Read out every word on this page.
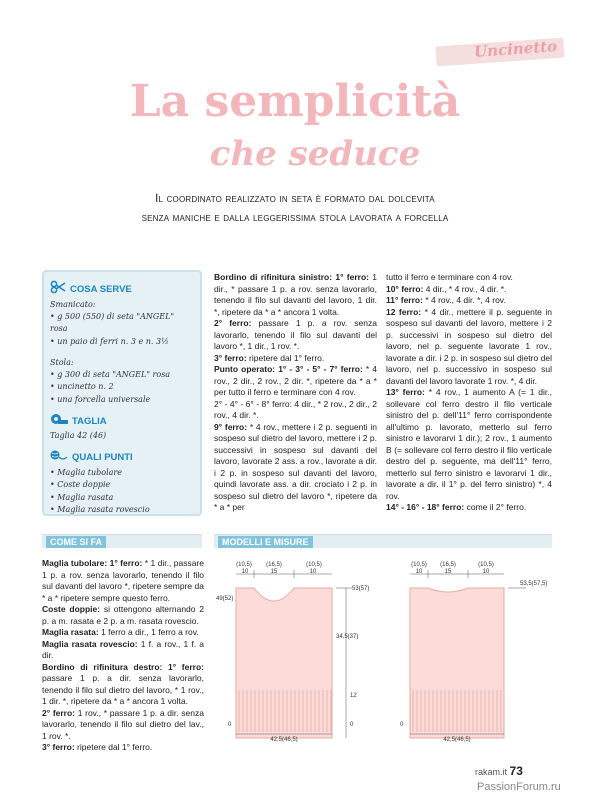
Uncinetto
La semplicità
che seduce
Il coordinato realizzato in seta è formato dal dolcevita
senza maniche e dalla leggerissima stola lavorata a forcella
COSA SERVE
Smanicato:
• g 500 (550) di seta "ANGEL" rosa
• un paio di ferri n. 3 e n. 3½
Stola:
• g 300 di seta "ANGEL" rosa
• uncinetto n. 2
• una forcella universale
TAGLIA
Taglia 42 (46)
QUALI PUNTI
• Maglia tubolare
• Coste doppie
• Maglia rasata
• Maglia rasata rovescio

Bordino di rifinitura sinistro: 1° ferro: 1 dir., * passare 1 p. a rov. senza lavorarlo, tenendo il filo sul davanti del lavoro, 1 dir. *, ripetere da * a * ancora 1 volta.

2° ferro: passare 1 p. a rov. senza lavorarlo, tenendo il filo sul davanti del lavoro *, 1 dir., 1 rov. *.

3° ferro: ripetere dal 1° ferro.

Punto operato: 1° - 3° - 5° - 7° ferro: * 4 rov., 2 dir., 2 rov., 2 dir. *, ripetere da * a * per tutto il ferro e terminare con 4 rov.

2° - 4° - 6° - 8° ferro: 4 dir., * 2 rov., 2 dir., 2 rov., 4 dir. *.

9° ferro: * 4 rov., mettere i 2 p. seguenti in sospeso sul dietro del lavoro, mettere i 2 p. successivi in sospeso sul davanti del lavoro, lavorate 2 ass. a rov., lavorate a dir. i 2 p. in sospeso sul davanti del lavoro, quindi lavorate ass. a dir. crociato i 2 p. in sospeso sul dietro del lavoro *, ripetere da * a * per

tutto il ferro e terminare con 4 rov.

10° ferro: 4 dir., * 4 rov., 4 dir. *.

11° ferro: * 4 rov., 4 dir. *, 4 rov.

12 ferro: * 4 dir., mettere il p. seguente in sospeso sul davanti del lavoro, mettere i 2 p. successivi in sospeso sul dietro del lavoro, nel p. seguente lavorate 1 rov., lavorate a dir. i 2 p. in sospeso sul dietro del lavoro, nel p. successivo in sospeso sul davanti del lavoro lavorate 1 rov. *, 4 dir.

13° ferro: * 4 rov., 1 aumento A (= 1 dir., sollevare col ferro destro il filo verticale sinistro del p. dell'11° ferro corrispondente all'ultimo p. lavorato, metterlo sul ferro sinistro e lavorarvi 1 dir.); 2 rov., 1 aumento B (= sollevare col ferro destro il filo verticale destro del p. seguente, ma dell'11° ferro, metterlo sul ferro sinistro e lavorarvi 1 dir., lavorate a dir. il 1° p. del ferro sinistro) *, 4 rov.

14° - 16° - 18° ferro: come il 2° ferro.

COME SI FA	MODELLI E MISURE

Maglia tubolare: 1° ferro: * 1 dir., passare 1 p. a rov. senza lavorarlo, tenendo il filo sul davanti del lavoro *, ripetere sempre da * a * ripetere sempre questo ferro.

Coste doppie: si ottengono alternando 2 p. a m. rasata e 2 p. a m. rasata rovescio.

Maglia rasata: 1 ferro a dir., 1 ferro a rov.

Maglia rasata rovescio: 1 f. a rov., 1 f. a dir.

Bordino di rifinitura destro: 1° ferro: passare 1 p. a dir. senza lavorarlo, tenendo il filo sul dietro del lavoro, * 1 rov., 1 dir. *, ripetere da * a * ancora 1 volta.

2° ferro: 1 rov., * passare 1 p. a dir. senza lavorarlo, tenendo il filo sul dietro del lav., 1 rov. *.

3° ferro: ripetere dal 1° ferro.

(10,5)
10
(16,5)
15
(10,5)
10
(10,5)
10
(16,5)
15
(10,5)
10
49(52)
53(57)
34,5(37)
12
0
0	0
53,5(57,5)
42,5(46,5)	42,5(46,5)
rakam.it 73
PassionForum.ru
